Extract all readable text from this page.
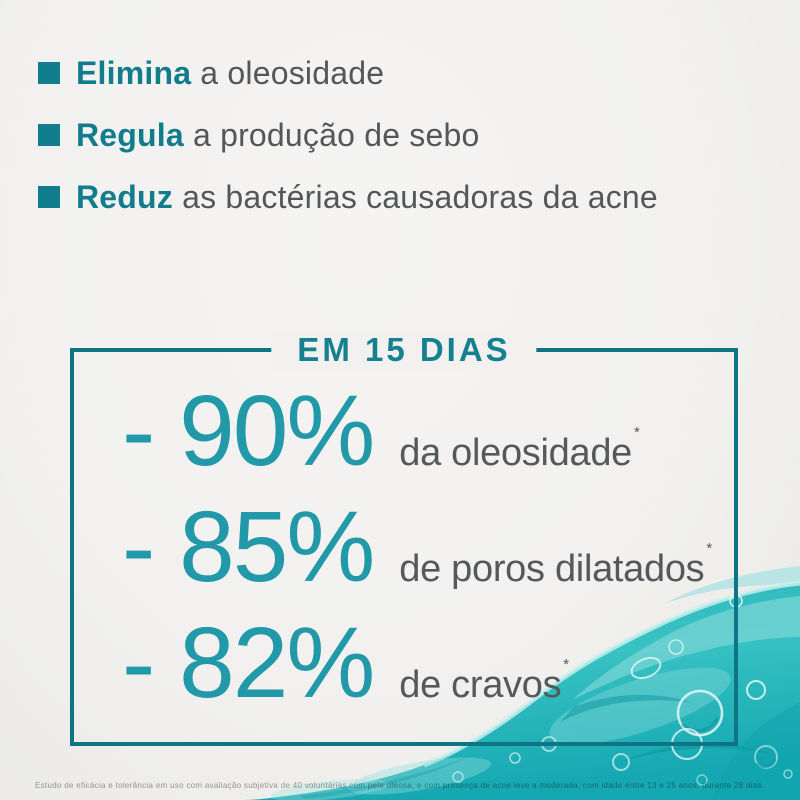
Elimina a oleosidade
Regula a produção de sebo
Reduz as bactérias causadoras da acne
EM 15 DIAS
- 90% da oleosidade *
- 85% de poros dilatados *
- 82% de cravos *
Estudo de eficácia e tolerância em uso com avaliação subjetiva de 40 voluntárias com pele oleosa, e com presença de acne leve a moderada, com idade entre 13 e 25 anos, durante 28 dias.
